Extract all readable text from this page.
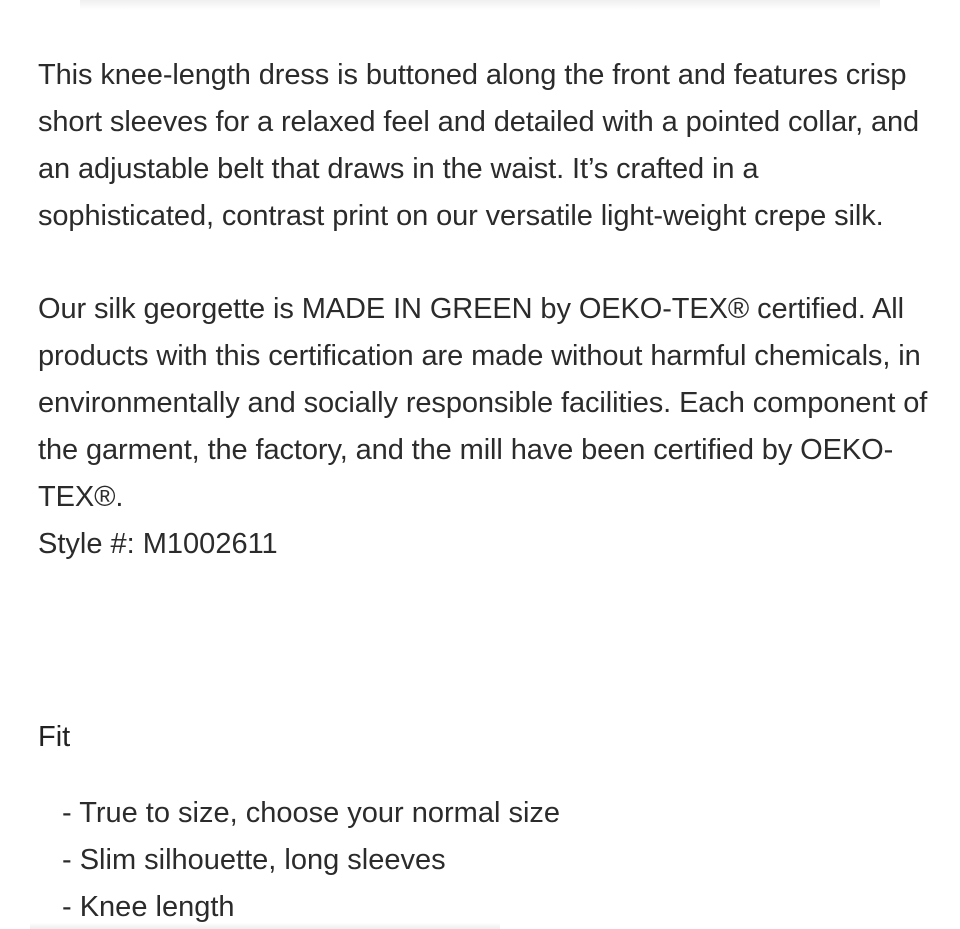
This knee-length dress is buttoned along the front and features crisp short sleeves for a relaxed feel and detailed with a pointed collar, and an adjustable belt that draws in the waist. It’s crafted in a sophisticated, contrast print on our versatile light-weight crepe silk.

Our silk georgette is MADE IN GREEN by OEKO-TEX® certified. All products with this certification are made without harmful chemicals, in environmentally and socially responsible facilities. Each component of the garment, the factory, and the mill have been certified by OEKO-TEX®.

Style #: M1002611

Fit
- True to size, choose your normal size
- Slim silhouette, long sleeves
- Knee length
